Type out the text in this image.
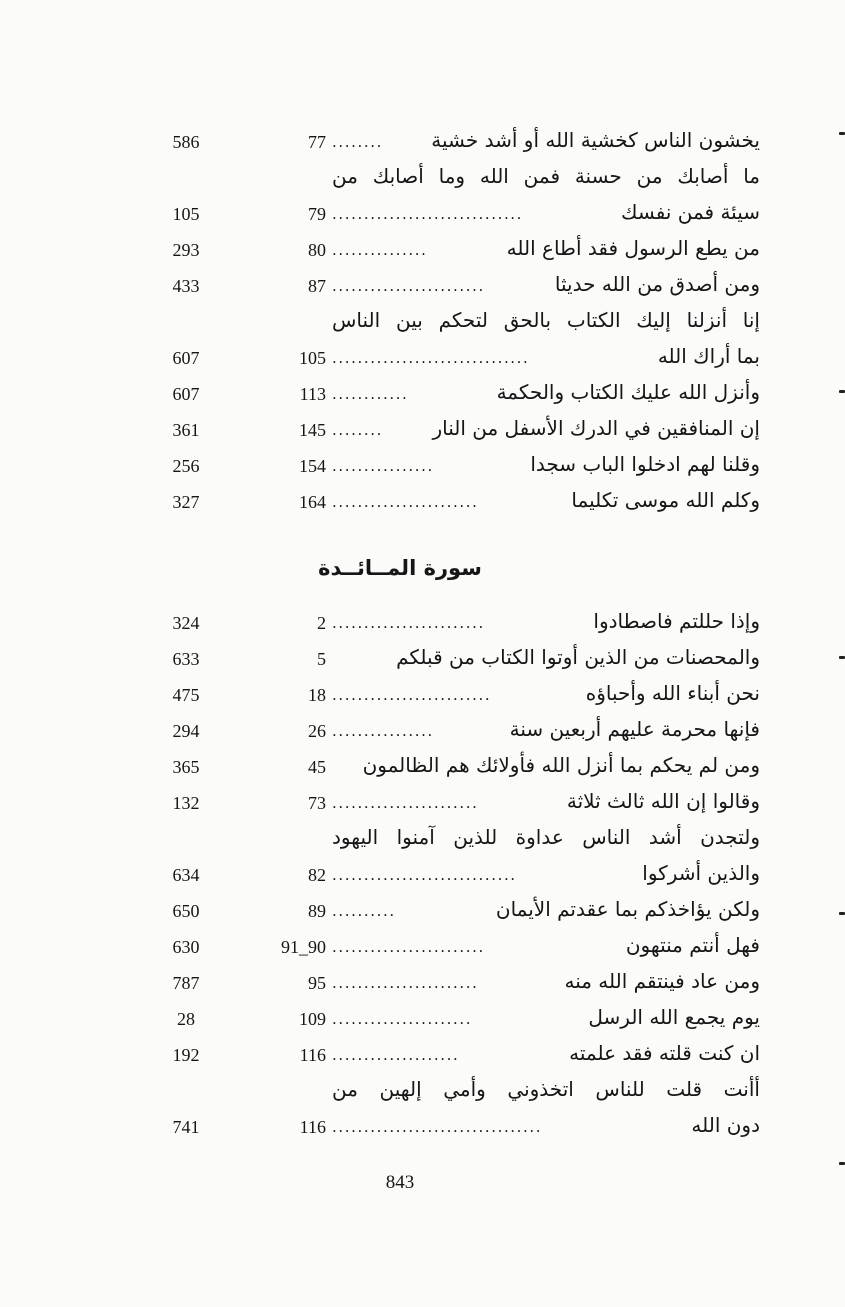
586	77 ........	يخشون الناس كخشية الله أو أشد خشية
ما أصابك من حسنة فمن الله وما أصابك من
105	79 ..............................	سيئة فمن نفسك
293	80 ...............	من يطع الرسول فقد أطاع الله
433	87 ........................	ومن أصدق من الله حديثا
إنا أنزلنا إليك الكتاب بالحق لتحكم بين الناس
607	105 ...............................	بما أراك الله
607	113 ............	وأنزل الله عليك الكتاب والحكمة
361	145 ........	إن المنافقين في الدرك الأسفل من النار
256	154 ................	وقلنا لهم ادخلوا الباب سجدا
327	164 .......................	وكلم الله موسى تكليما
سورة المــائــدة
324	2 ........................	وإذا حللتم فاصطادوا
633	5	والمحصنات من الذين أوتوا الكتاب من قبلكم
475	18 .........................	نحن أبناء الله وأحباؤه
294	26 ................	فإنها محرمة عليهم أربعين سنة
365	45 ومن لم يحكم بما أنزل الله فأولائك هم الظالمون
132	73 .......................	وقالوا إن الله ثالث ثلاثة
ولتجدن أشد الناس عداوة للذين آمنوا اليهود
634	82 .............................	والذين أشركوا
650	89 ..........	ولكن يؤاخذكم بما عقدتم الأيمان
630	91_90 ........................	فهل أنتم منتهون
787	95 .......................	ومن عاد فينتقم الله منه
28	109 ......................	يوم يجمع الله الرسل
192	116 ....................	ان كنت قلته فقد علمته
أأنت قلت للناس اتخذوني وأمي إلهين من
741	116 .................................	دون الله
843
